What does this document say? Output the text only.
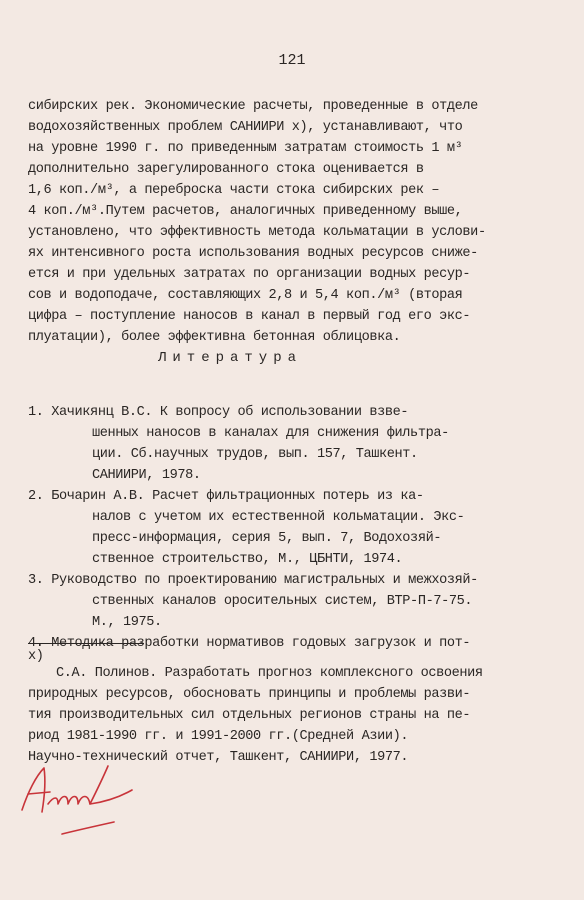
121
сибирских рек. Экономические расчеты, проведенные в отделе
водохозяйственных проблем САНИИРИ x), устанавливают, что
на уровне 1990 г. по приведенным затратам стоимость 1 м³
дополнительно зарегулированного стока оценивается в
1,6 коп./м³, а переброска части стока сибирских рек –
4 коп./м³.Путем расчетов, аналогичных приведенному выше,
установлено, что эффективность метода кольматации в услови-
ях интенсивного роста использования водных ресурсов сниже-
ется и при удельных затратах по организации водных ресур-
сов и водоподаче, составляющих 2,8 и 5,4 коп./м³ (вторая
цифра – поступление наносов в канал в первый год его экс-
плуатации), более эффективна бетонная облицовка.
Литература
1. Хачикянц В.С. К вопросу об использовании взве-
шенных наносов в каналах для снижения фильтра-
ции. Сб.научных трудов, вып. 157, Ташкент.
САНИИРИ, 1978.
2. Бочарин А.В. Расчет фильтрационных потерь из ка-
налов с учетом их естественной кольматации. Экс-
пресс-информация, серия 5, вып. 7, Водохозяй-
ственное строительство, М., ЦБНТИ, 1974.
3. Руководство по проектированию магистральных и межхозяй-
ственных каналов оросительных систем, ВТР-П-7-75.
М., 1975.
4. Методика разработки нормативов годовых загрузок и пот-
x)
С.А. Полинов. Разработать прогноз комплексного освоения
природных ресурсов, обосновать принципы и проблемы разви-
тия производительных сил отдельных регионов страны на пе-
риод 1981-1990 гг. и 1991-2000 гг.(Средней Азии).
Научно-технический отчет, Ташкент, САНИИРИ, 1977.
